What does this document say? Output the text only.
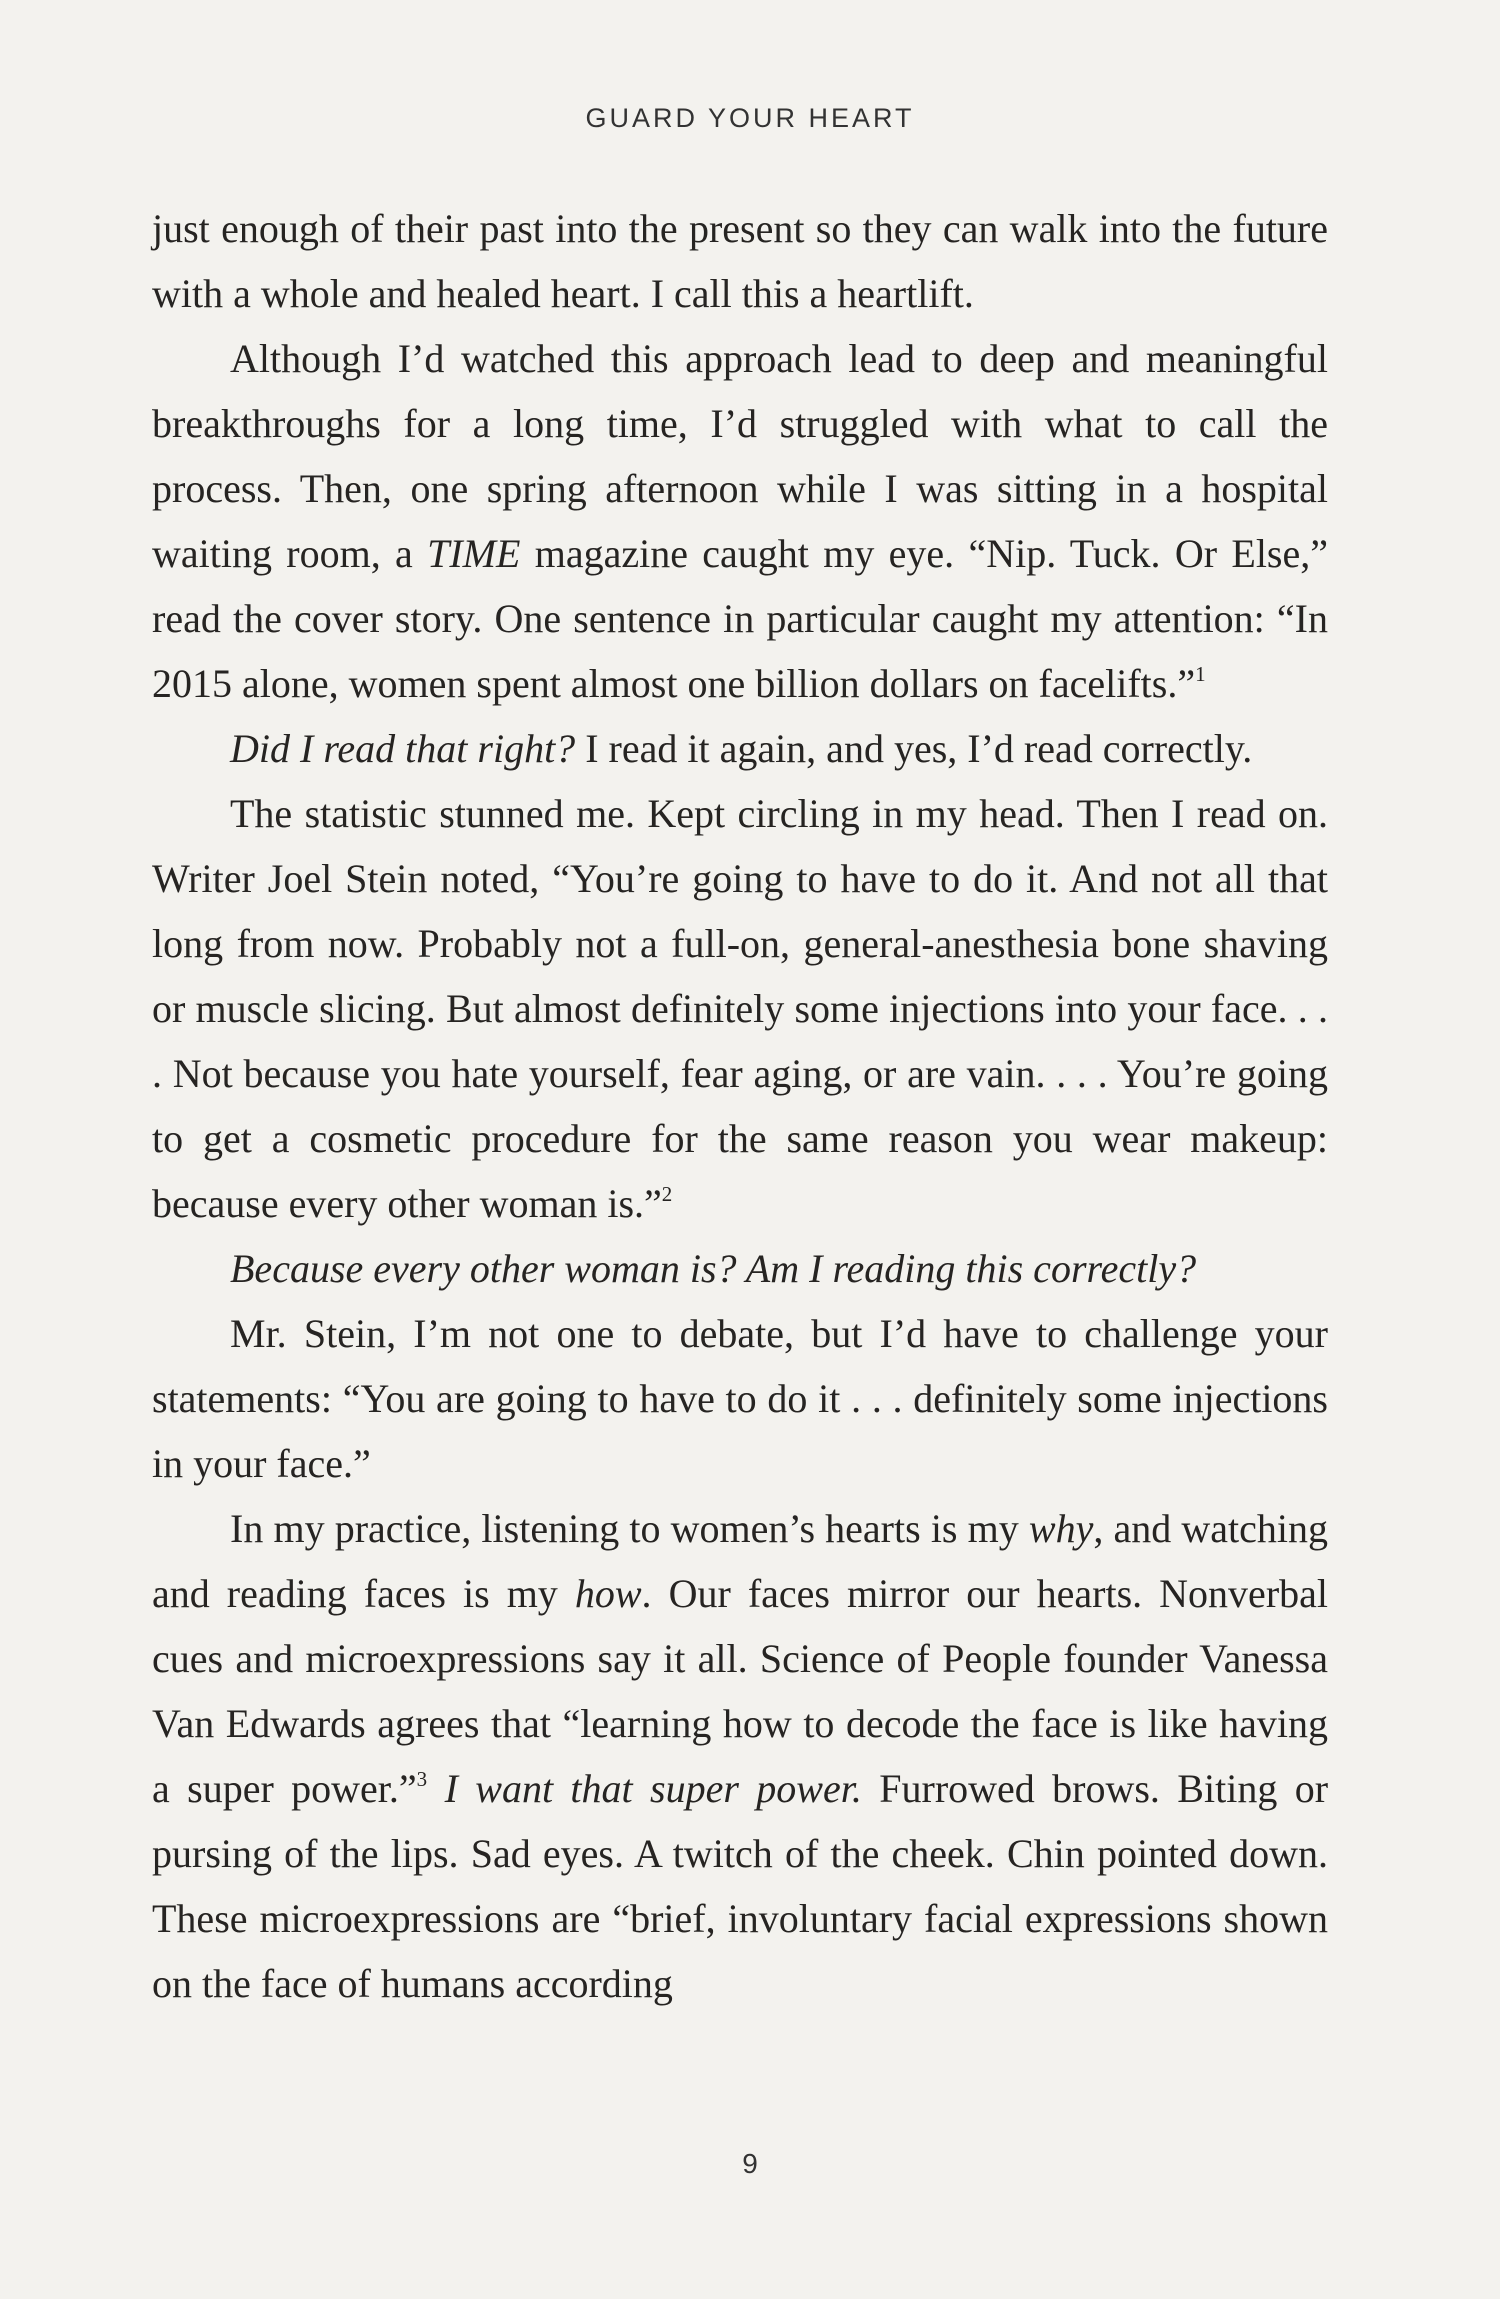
GUARD YOUR HEART

just enough of their past into the present so they can walk into the future with a whole and healed heart. I call this a heartlift.

Although I’d watched this approach lead to deep and meaningful breakthroughs for a long time, I’d struggled with what to call the process. Then, one spring afternoon while I was sitting in a hospital waiting room, a TIME magazine caught my eye. “Nip. Tuck. Or Else,” read the cover story. One sentence in particular caught my attention: “In 2015 alone, women spent almost one billion dollars on facelifts.”$^1$

Did I read that right? I read it again, and yes, I’d read correctly.

The statistic stunned me. Kept circling in my head. Then I read on. Writer Joel Stein noted, “You’re going to have to do it. And not all that long from now. Probably not a full-on, general-anesthesia bone shaving or muscle slicing. But almost definitely some injections into your face. . . . Not because you hate yourself, fear aging, or are vain. . . . You’re going to get a cosmetic procedure for the same reason you wear makeup: because every other woman is.”$^2$

Because every other woman is? Am I reading this correctly?

Mr. Stein, I’m not one to debate, but I’d have to challenge your statements: “You are going to have to do it . . . definitely some injections in your face.”

In my practice, listening to women’s hearts is my why, and watching and reading faces is my how. Our faces mirror our hearts. Nonverbal cues and microexpressions say it all. Science of People founder Vanessa Van Edwards agrees that “learning how to decode the face is like having a super power.”$^3$ I want that super power. Furrowed brows. Biting or pursing of the lips. Sad eyes. A twitch of the cheek. Chin pointed down. These microexpressions are “brief, involuntary facial expressions shown on the face of humans according

9
